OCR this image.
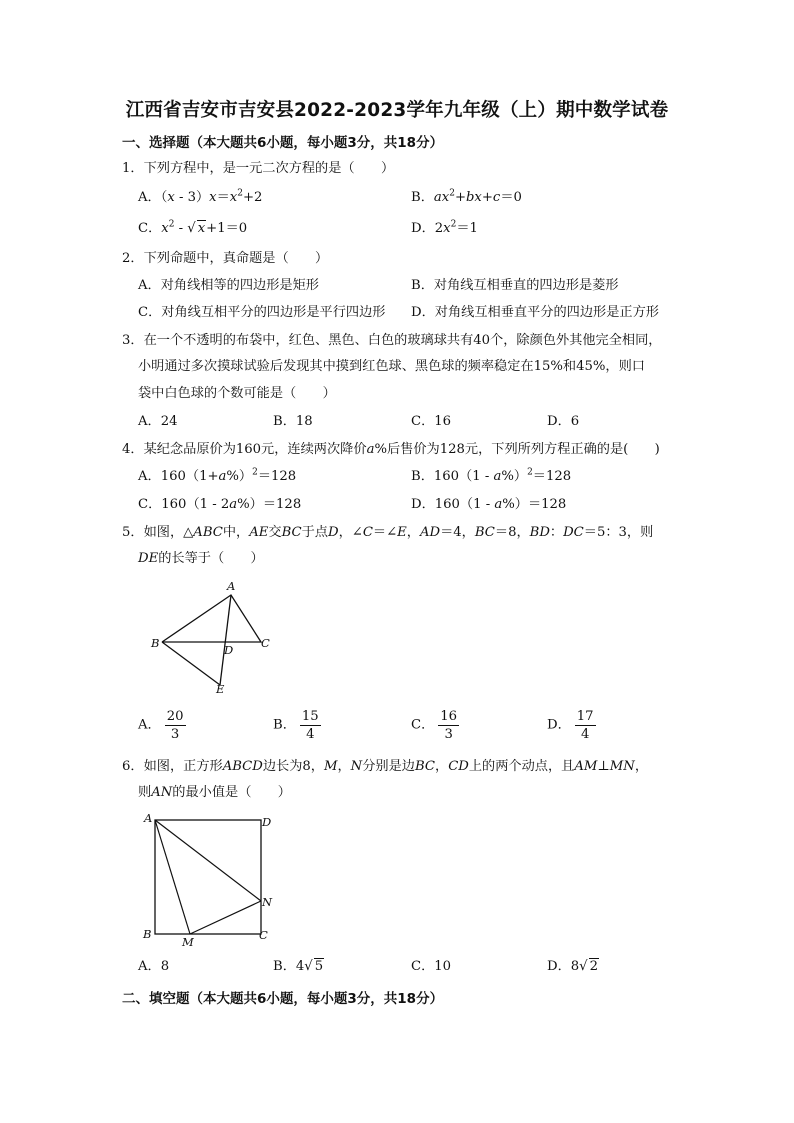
江西省吉安市吉安县2022-2023学年九年级（上）期中数学试卷
一、选择题（本大题共6小题，每小题3分，共18分）
1．下列方程中，是一元二次方程的是（　　）
A．$(x - 3)x=x^2+2$	B．$ax^2+bx+c=0$
C．$x^2$ - √ x+1＝0	D．$2x^2=1$
2．下列命题中，真命题是（　　）
A．对角线相等的四边形是矩形	B．对角线互相垂直的四边形是菱形
C．对角线互相平分的四边形是平行四边形 D．对角线互相垂直平分的四边形是正方形
3．在一个不透明的布袋中，红色、黑色、白色的玻璃球共有40个，除颜色外其他完全相同，
小明通过多次摸球试验后发现其中摸到红色球、黑色球的频率稳定在15%和45%，则口
袋中白色球的个数可能是（　　）
A．24	B．18	C．16	D．6
4．某纪念品原价为160元，连续两次降价a%后售价为128元，下列所列方程正确的是(　　)
A．$160(1+a\%)^2=128$	B．160（1 - a%）$^2$＝128
C．160（1 - 2a%）＝128	D．160（1 - a%）＝128
5．如图，△ABC中，AE交BC于点D，∠C＝∠E，AD＝4，BC＝8，BD：DC＝5：3，则
DE的长等于（　　）
A
B	C
D
E
A． $\frac{20}{3}$	B． $\frac{15}{4}$	C． $\frac{16}{3}$	D． $\frac{17}{4}$
6．如图，正方形ABCD边长为8，M，N分别是边BC，CD上的两个动点，且AM⊥MN，
则AN的最小值是（　　）
A	D
B
M	C
N
A．8	B．4√ 5	C．10	D．8√ 2
二、填空题（本大题共6小题，每小题3分，共18分）
